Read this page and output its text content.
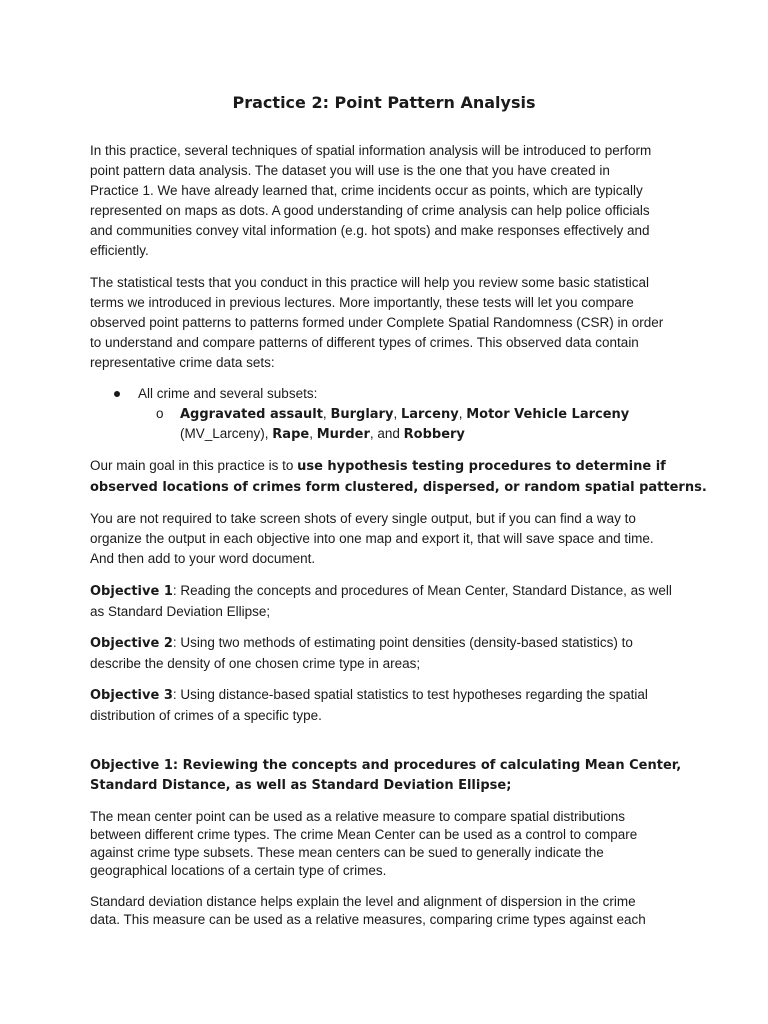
Practice 2: Point Pattern Analysis
In this practice, several techniques of spatial information analysis will be introduced to perform
point pattern data analysis. The dataset you will use is the one that you have created in
Practice 1. We have already learned that, crime incidents occur as points, which are typically
represented on maps as dots. A good understanding of crime analysis can help police officials
and communities convey vital information (e.g. hot spots) and make responses effectively and
efficiently.
The statistical tests that you conduct in this practice will help you review some basic statistical
terms we introduced in previous lectures. More importantly, these tests will let you compare
observed point patterns to patterns formed under Complete Spatial Randomness (CSR) in order
to understand and compare patterns of different types of crimes. This observed data contain
representative crime data sets:
All crime and several subsets:
o Aggravated assault, Burglary, Larceny, Motor Vehicle Larceny
(MV_Larceny), Rape, Murder, and Robbery
Our main goal in this practice is to use hypothesis testing procedures to determine if
observed locations of crimes form clustered, dispersed, or random spatial patterns.
You are not required to take screen shots of every single output, but if you can find a way to
organize the output in each objective into one map and export it, that will save space and time.
And then add to your word document.
Objective 1: Reading the concepts and procedures of Mean Center, Standard Distance, as well
as Standard Deviation Ellipse;
Objective 2: Using two methods of estimating point densities (density-based statistics) to
describe the density of one chosen crime type in areas;
Objective 3: Using distance-based spatial statistics to test hypotheses regarding the spatial
distribution of crimes of a specific type.
Objective 1: Reviewing the concepts and procedures of calculating Mean Center,
Standard Distance, as well as Standard Deviation Ellipse;
The mean center point can be used as a relative measure to compare spatial distributions
between different crime types. The crime Mean Center can be used as a control to compare
against crime type subsets. These mean centers can be sued to generally indicate the
geographical locations of a certain type of crimes.
Standard deviation distance helps explain the level and alignment of dispersion in the crime
data. This measure can be used as a relative measures, comparing crime types against each
